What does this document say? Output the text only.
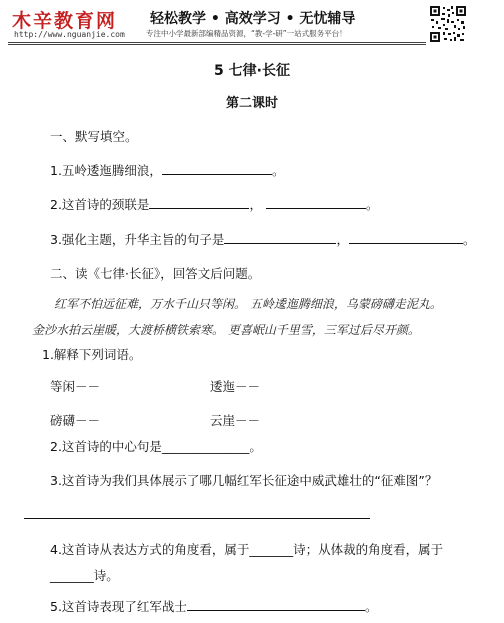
木辛教育网
http://www.nguanjie.com
轻松教学 • 高效学习 • 无忧辅导
专注中小学最新部编精品资源，“教-学-研”一站式服务平台！
5 七律·长征
第二课时
一、默写填空。
1.五岭逶迤腾细浪，	。
2.这首诗的颈联是	，	。
3.强化主题，升华主旨的句子是	，	。
二、读《七律·长征》，回答文后问题。
红军不怕远征难，万水千山只等闲。 五岭逶迤腾细浪，乌蒙磅礴走泥丸。
金沙水拍云崖暖，大渡桥横铁索寒。 更喜岷山千里雪，三军过后尽开颜。
1.解释下列词语。
等闲－－	逶迤－－
磅礴－－	云崖－－
2.这首诗的中心句是______________。
3.这首诗为我们具体展示了哪几幅红军长征途中威武雄壮的“征难图”？
4.这首诗从表达方式的角度看，属于_______诗；从体裁的角度看，属于
_______诗。
5.这首诗表现了红军战士	。
